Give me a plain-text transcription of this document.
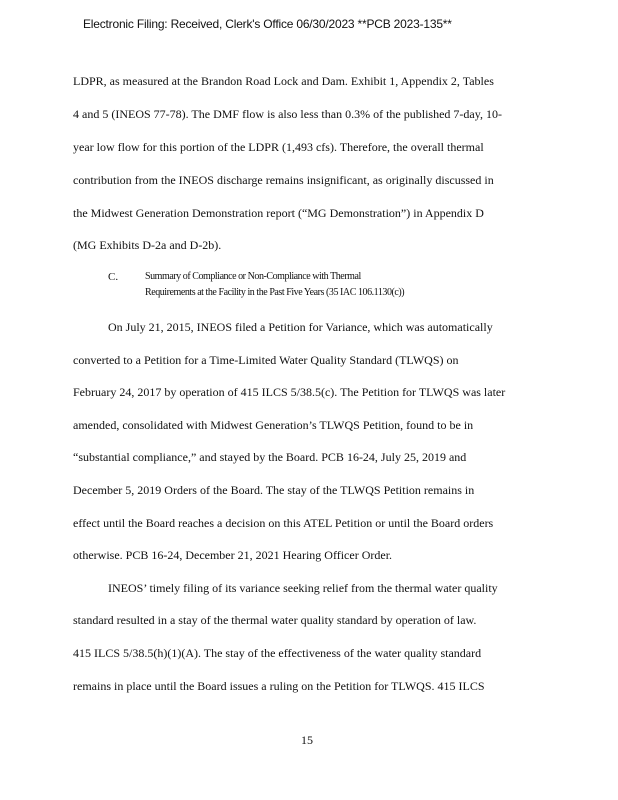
Electronic Filing: Received, Clerk's Office 06/30/2023 **PCB 2023-135**
LDPR, as measured at the Brandon Road Lock and Dam. Exhibit 1, Appendix 2, Tables
4 and 5 (INEOS 77-78). The DMF flow is also less than 0.3% of the published 7-day, 10-
year low flow for this portion of the LDPR (1,493 cfs). Therefore, the overall thermal
contribution from the INEOS discharge remains insignificant, as originally discussed in
the Midwest Generation Demonstration report (“MG Demonstration”) in Appendix D
(MG Exhibits D-2a and D-2b).
C.	Summary of Compliance or Non-Compliance with Thermal
Requirements at the Facility in the Past Five Years (35 IAC 106.1130(c))
On July 21, 2015, INEOS filed a Petition for Variance, which was automatically
converted to a Petition for a Time-Limited Water Quality Standard (TLWQS) on
February 24, 2017 by operation of 415 ILCS 5/38.5(c). The Petition for TLWQS was later
amended, consolidated with Midwest Generation’s TLWQS Petition, found to be in
“substantial compliance,” and stayed by the Board. PCB 16-24, July 25, 2019 and
December 5, 2019 Orders of the Board. The stay of the TLWQS Petition remains in
effect until the Board reaches a decision on this ATEL Petition or until the Board orders
otherwise. PCB 16-24, December 21, 2021 Hearing Officer Order.
INEOS’ timely filing of its variance seeking relief from the thermal water quality
standard resulted in a stay of the thermal water quality standard by operation of law.
415 ILCS 5/38.5(h)(1)(A). The stay of the effectiveness of the water quality standard
remains in place until the Board issues a ruling on the Petition for TLWQS. 415 ILCS
15
